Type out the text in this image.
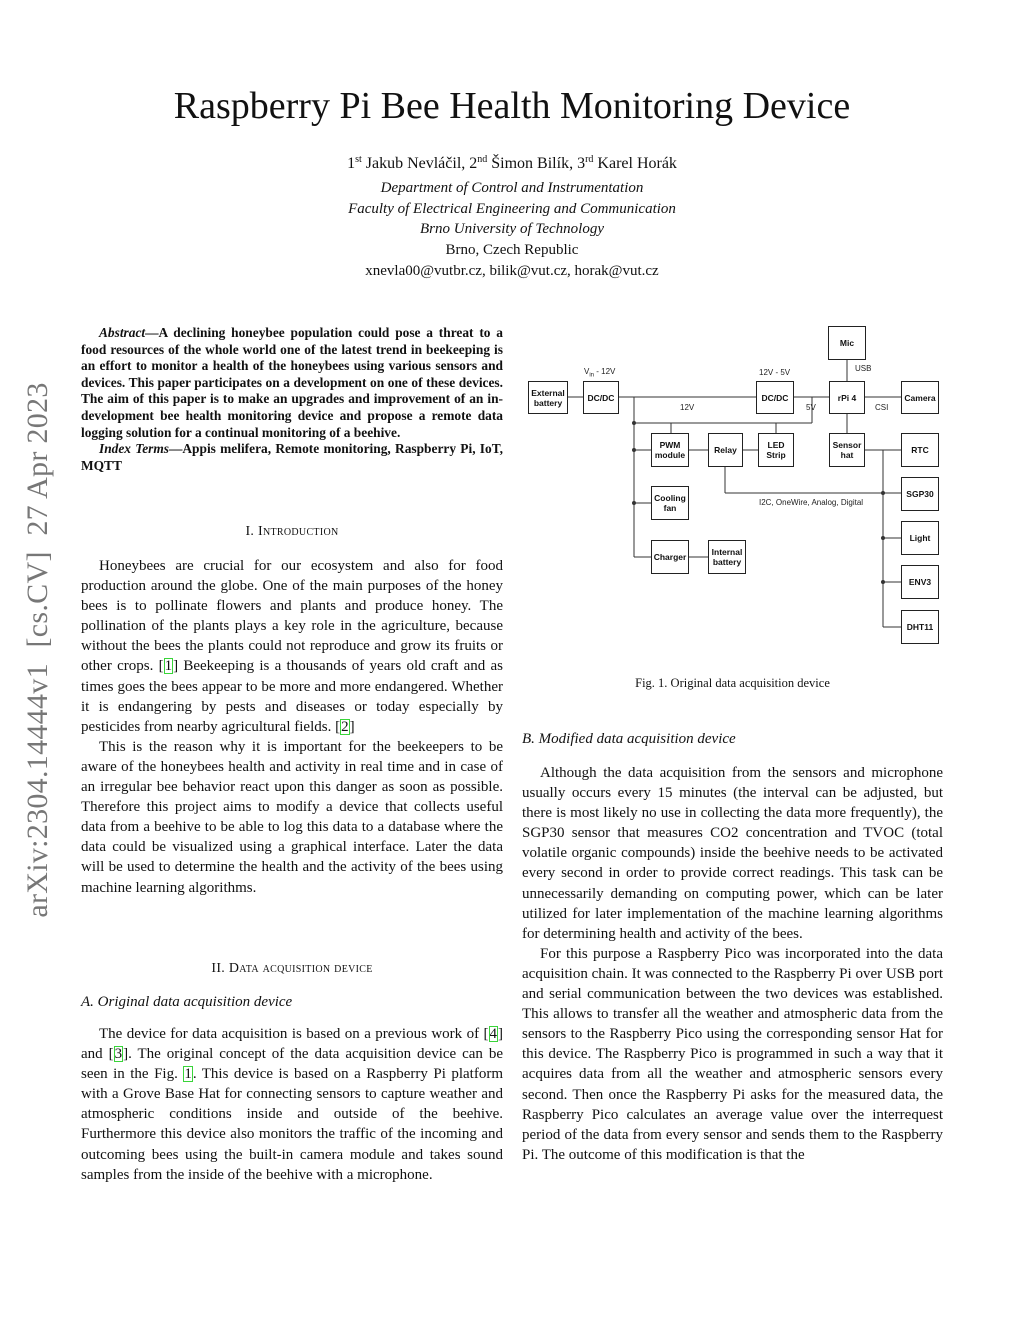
Raspberry Pi Bee Health Monitoring Device
1st Jakub Nevláčil, 2nd Šimon Bilík, 3rd Karel Horák
Department of Control and Instrumentation
Faculty of Electrical Engineering and Communication
Brno University of Technology
Brno, Czech Republic
xnevla00@vutbr.cz, bilik@vut.cz, horak@vut.cz
arXiv:2304.14444v1  [cs.CV]  27 Apr 2023
Abstract—A declining honeybee population could pose a threat to a food resources of the whole world one of the latest trend in beekeeping is an effort to monitor a health of the honeybees using various sensors and devices. This paper participates on a development on one of these devices. The aim of this paper is to make an upgrades and improvement of an in-development bee health monitoring device and propose a remote data logging solution for a continual monitoring of a beehive.
Index Terms—Appis melifera, Remote monitoring, Raspberry Pi, IoT, MQTT
I. Introduction

Honeybees are crucial for our ecosystem and also for food production around the globe. One of the main purposes of the honey bees is to pollinate flowers and plants and produce honey. The pollination of the plants plays a key role in the agriculture, because without the bees the plants could not reproduce and grow its fruits or other crops. [1] Beekeeping is a thousands of years old craft and as times goes the bees appear to be more and more endangered. Whether it is endangering by pests and diseases or today especially by pesticides from nearby agricultural fields. [2]

This is the reason why it is important for the beekeepers to be aware of the honeybees health and activity in real time and in case of an irregular bee behavior react upon this danger as soon as possible. Therefore this project aims to modify a device that collects useful data from a beehive to be able to log this data to a database where the data could be visualized using a graphical interface. Later the data will be used to determine the health and the activity of the bees using machine learning algorithms.

II. Data acquisition device
A. Original data acquisition device

The device for data acquisition is based on a previous work of [4] and [3]. The original concept of the data acquisition device can be seen in the Fig. 1. This device is based on a Raspberry Pi platform with a Grove Base Hat for connecting sensors to capture weather and atmospheric conditions inside and outside of the beehive. Furthermore this device also monitors the traffic of the incoming and outcoming bees using the built-in camera module and takes sound samples from the inside of the beehive with a microphone.

Mic
External battery	DC/DC	DC/DC	rPi 4	Camera
PWM module	Relay	LED Strip
Sensor hat	RTC
SGP30
Cooling fan
Light
Charger	Internal battery
ENV3
DHT11
$V_{in} - 12V$	12V - 5V	USB
12V	5V	CSI
I2C, OneWire, Analog, Digital
Fig. 1. Original data acquisition device
B. Modified data acquisition device

Although the data acquisition from the sensors and microphone usually occurs every 15 minutes (the interval can be adjusted, but there is most likely no use in collecting the data more frequently), the SGP30 sensor that measures CO2 concentration and TVOC (total volatile organic compounds) inside the beehive needs to be activated every second in order to provide correct readings. This task can be unnecessarily demanding on computing power, which can be later utilized for later implementation of the machine learning algorithms for determining health and activity of the bees.

For this purpose a Raspberry Pico was incorporated into the data acquisition chain. It was connected to the Raspberry Pi over USB port and serial communication between the two devices was established. This allows to transfer all the weather and atmospheric data from the sensors to the Raspberry Pico using the corresponding sensor Hat for this device. The Raspberry Pico is programmed in such a way that it acquires data from all the weather and atmospheric sensors every second. Then once the Raspberry Pi asks for the measured data, the Raspberry Pico calculates an average value over the interrequest period of the data from every sensor and sends them to the Raspberry Pi. The outcome of this modification is that the
